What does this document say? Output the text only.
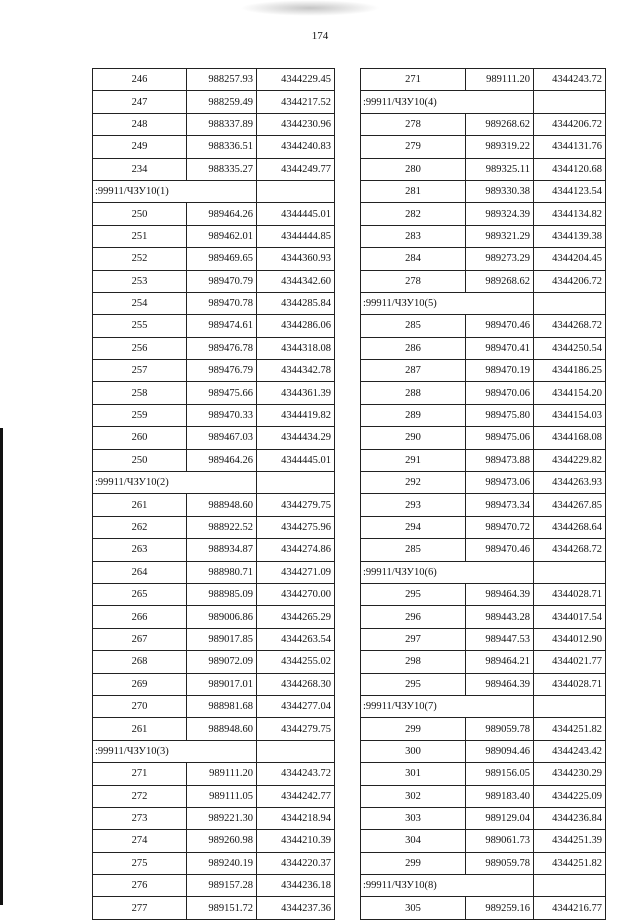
174
246	988257.93	4344229.45
247	988259.49	4344217.52
248	988337.89	4344230.96
249	988336.51	4344240.83
234	988335.27	4344249.77
:99911/ЧЗУ10(1)		
250	989464.26	4344445.01
251	989462.01	4344444.85
252	989469.65	4344360.93
253	989470.79	4344342.60
254	989470.78	4344285.84
255	989474.61	4344286.06
256	989476.78	4344318.08
257	989476.79	4344342.78
258	989475.66	4344361.39
259	989470.33	4344419.82
260	989467.03	4344434.29
250	989464.26	4344445.01
:99911/ЧЗУ10(2)		
261	988948.60	4344279.75
262	988922.52	4344275.96
263	988934.87	4344274.86
264	988980.71	4344271.09
265	988985.09	4344270.00
266	989006.86	4344265.29
267	989017.85	4344263.54
268	989072.09	4344255.02
269	989017.01	4344268.30
270	988981.68	4344277.04
261	988948.60	4344279.75
:99911/ЧЗУ10(3)		
271	989111.20	4344243.72
272	989111.05	4344242.77
273	989221.30	4344218.94
274	989260.98	4344210.39
275	989240.19	4344220.37
276	989157.28	4344236.18
277	989151.72	4344237.36
271	989111.20	4344243.72
:99911/ЧЗУ10(4)		
278	989268.62	4344206.72
279	989319.22	4344131.76
280	989325.11	4344120.68
281	989330.38	4344123.54
282	989324.39	4344134.82
283	989321.29	4344139.38
284	989273.29	4344204.45
278	989268.62	4344206.72
:99911/ЧЗУ10(5)		
285	989470.46	4344268.72
286	989470.41	4344250.54
287	989470.19	4344186.25
288	989470.06	4344154.20
289	989475.80	4344154.03
290	989475.06	4344168.08
291	989473.88	4344229.82
292	989473.06	4344263.93
293	989473.34	4344267.85
294	989470.72	4344268.64
285	989470.46	4344268.72
:99911/ЧЗУ10(6)		
295	989464.39	4344028.71
296	989443.28	4344017.54
297	989447.53	4344012.90
298	989464.21	4344021.77
295	989464.39	4344028.71
:99911/ЧЗУ10(7)		
299	989059.78	4344251.82
300	989094.46	4344243.42
301	989156.05	4344230.29
302	989183.40	4344225.09
303	989129.04	4344236.84
304	989061.73	4344251.39
299	989059.78	4344251.82
:99911/ЧЗУ10(8)		
305	989259.16	4344216.77
